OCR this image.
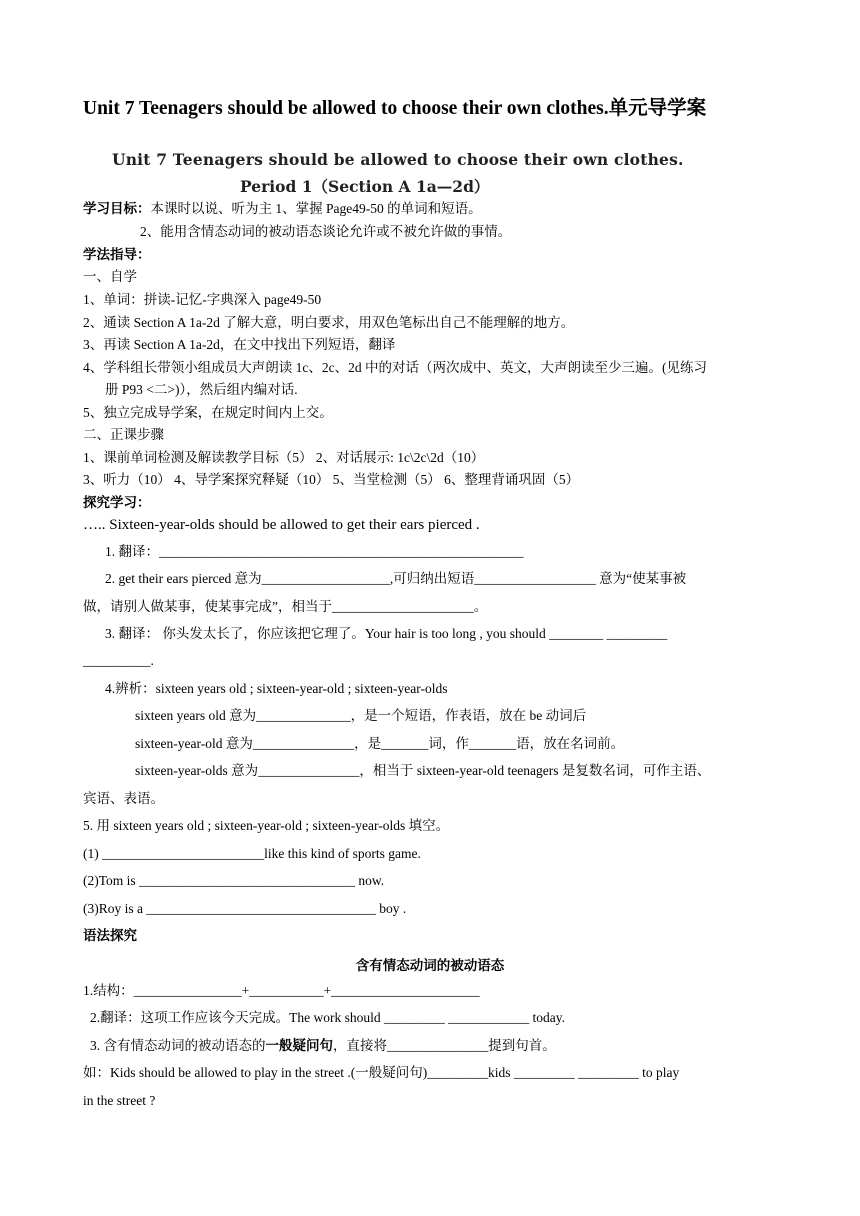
Unit 7 Teenagers should be allowed to choose their own clothes.单元导学案
Unit 7 Teenagers should be allowed to choose their own clothes.
Period 1（Section A 1a—2d）
学习目标：本课时以说、听为主 1、掌握 Page49-50 的单词和短语。
2、能用含情态动词的被动语态谈论允许或不被允许做的事情。
学法指导：
一、自学
1、单词：拼读-记忆-字典深入 page49-50
2、通读 Section A 1a-2d 了解大意，明白要求，用双色笔标出自己不能理解的地方。
3、再读 Section A 1a-2d，在文中找出下列短语，翻译
4、学科组长带领小组成员大声朗读 1c、2c、2d 中的对话（两次成中、英文，大声朗读至少三遍。(见练习
册 P93 <二>)），然后组内编对话.
5、独立完成导学案，在规定时间内上交。
二、正课步骤
1、课前单词检测及解读教学目标（5） 2、对话展示: 1c\2c\2d（10）
3、听力（10） 4、导学案探究释疑（10） 5、当堂检测（5） 6、整理背诵巩固（5）
探究学习：
….. Sixteen-year-olds should be allowed to get their ears pierced .
1. 翻译：______________________________________________________
2. get their ears pierced 意为___________________,可归纳出短语__________________ 意为“使某事被
做，请别人做某事，使某事完成”，相当于_____________________。
3. 翻译： 你头发太长了，你应该把它理了。Your hair is too long , you should ________ _________
__________.
4.辨析：sixteen years old ; sixteen-year-old ; sixteen-year-olds
sixteen years old 意为______________，是一个短语，作表语，放在 be 动词后
sixteen-year-old 意为_______________，是_______词，作_______语，放在名词前。
sixteen-year-olds 意为_______________，相当于 sixteen-year-old teenagers 是复数名词，可作主语、
宾语、表语。
5. 用 sixteen years old ; sixteen-year-old ; sixteen-year-olds 填空。
(1) ________________________like this kind of sports game.
(2)Tom is ________________________________ now.
(3)Roy is a __________________________________ boy .
语法探究
含有情态动词的被动语态
1.结构：________________+___________+______________________
2.翻译：这项工作应该今天完成。The work should _________ ____________ today.
3. 含有情态动词的被动语态的一般疑问句，直接将_______________提到句首。
如：Kids should be allowed to play in the street .(一般疑问句)_________kids _________ _________ to play
in the street ?
